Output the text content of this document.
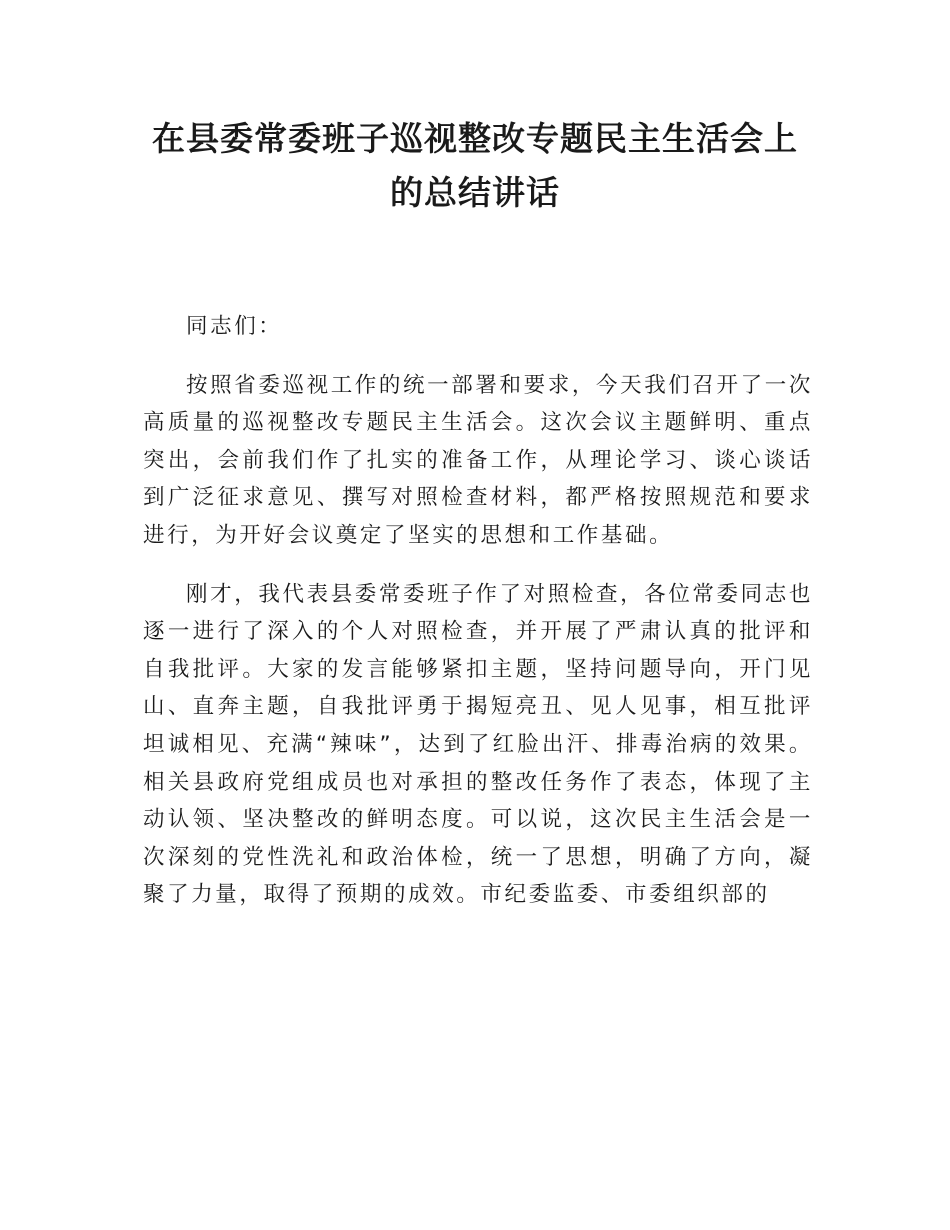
在县委常委班子巡视整改专题民主生活会上
的总结讲话

同志们：

按照省委巡视工作的统一部署和要求，今天我们召开了一次高质量的巡视整改专题民主生活会。这次会议主题鲜明、重点突出，会前我们作了扎实的准备工作，从理论学习、谈心谈话到广泛征求意见、撰写对照检查材料，都严格按照规范和要求进行，为开好会议奠定了坚实的思想和工作基础。

刚才，我代表县委常委班子作了对照检查，各位常委同志也逐一进行了深入的个人对照检查，并开展了严肃认真的批评和自我批评。大家的发言能够紧扣主题，坚持问题导向，开门见山、直奔主题，自我批评勇于揭短亮丑、见人见事，相互批评坦诚相见、充满“辣味”，达到了红脸出汗、排毒治病的效果。相关县政府党组成员也对承担的整改任务作了表态，体现了主动认领、坚决整改的鲜明态度。可以说，这次民主生活会是一次深刻的党性洗礼和政治体检，统一了思想，明确了方向，凝聚了力量，取得了预期的成效。市纪委监委、市委组织部的
